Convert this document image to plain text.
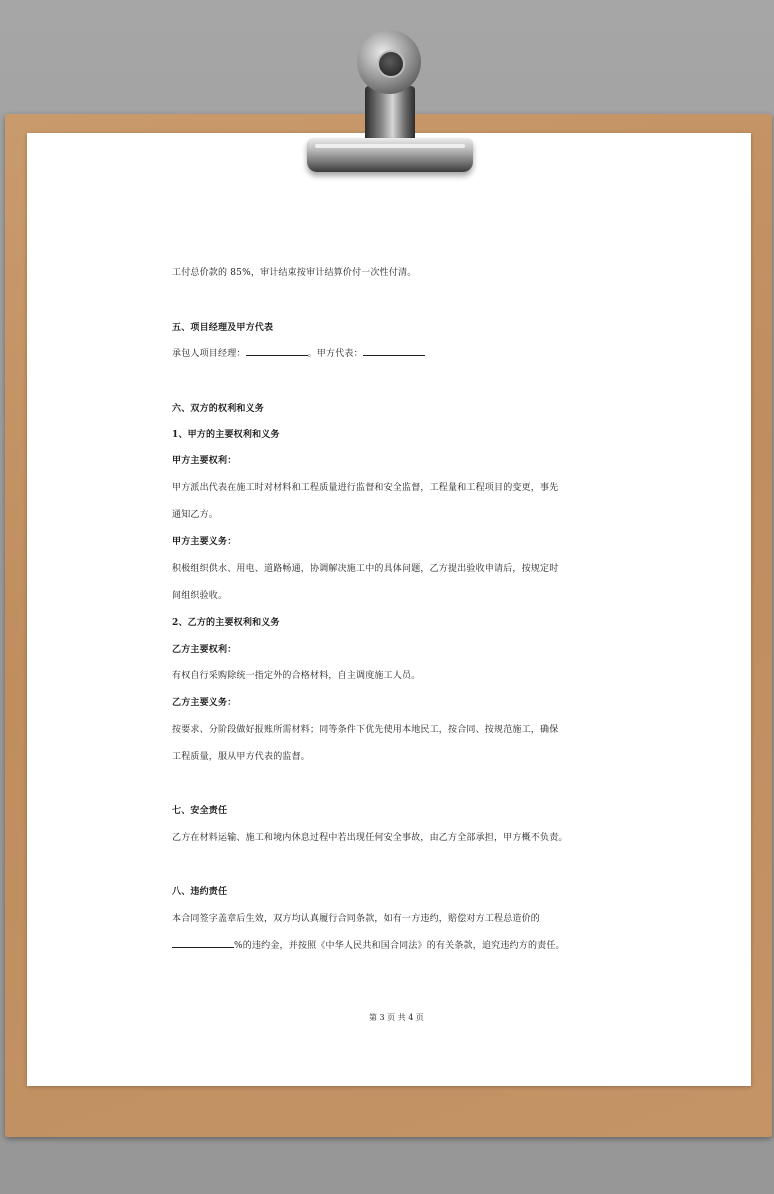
工付总价款的 85%，审计结束按审计结算价付一次性付清。
五、项目经理及甲方代表
承包人项目经理：	。甲方代表：
六、双方的权利和义务
1、甲方的主要权利和义务
甲方主要权利：
甲方派出代表在施工时对材料和工程质量进行监督和安全监督，工程量和工程项目的变更，事先
通知乙方。
甲方主要义务：
积极组织供水、用电、道路畅通，协调解决施工中的具体问题，乙方提出验收申请后，按规定时
间组织验收。
2、乙方的主要权利和义务
乙方主要权利：
有权自行采购除统一指定外的合格材料，自主调度施工人员。
乙方主要义务：
按要求、分阶段做好报账所需材料；同等条件下优先使用本地民工，按合同、按规范施工，确保
工程质量，服从甲方代表的监督。
七、安全责任
乙方在材料运输、施工和境内休息过程中若出现任何安全事故，由乙方全部承担，甲方概不负责。
八、违约责任
本合同签字盖章后生效，双方均认真履行合同条款，如有一方违约，赔偿对方工程总造价的
%的违约金，并按照《中华人民共和国合同法》的有关条款，追究违约方的责任。
第 3 页 共 4 页
